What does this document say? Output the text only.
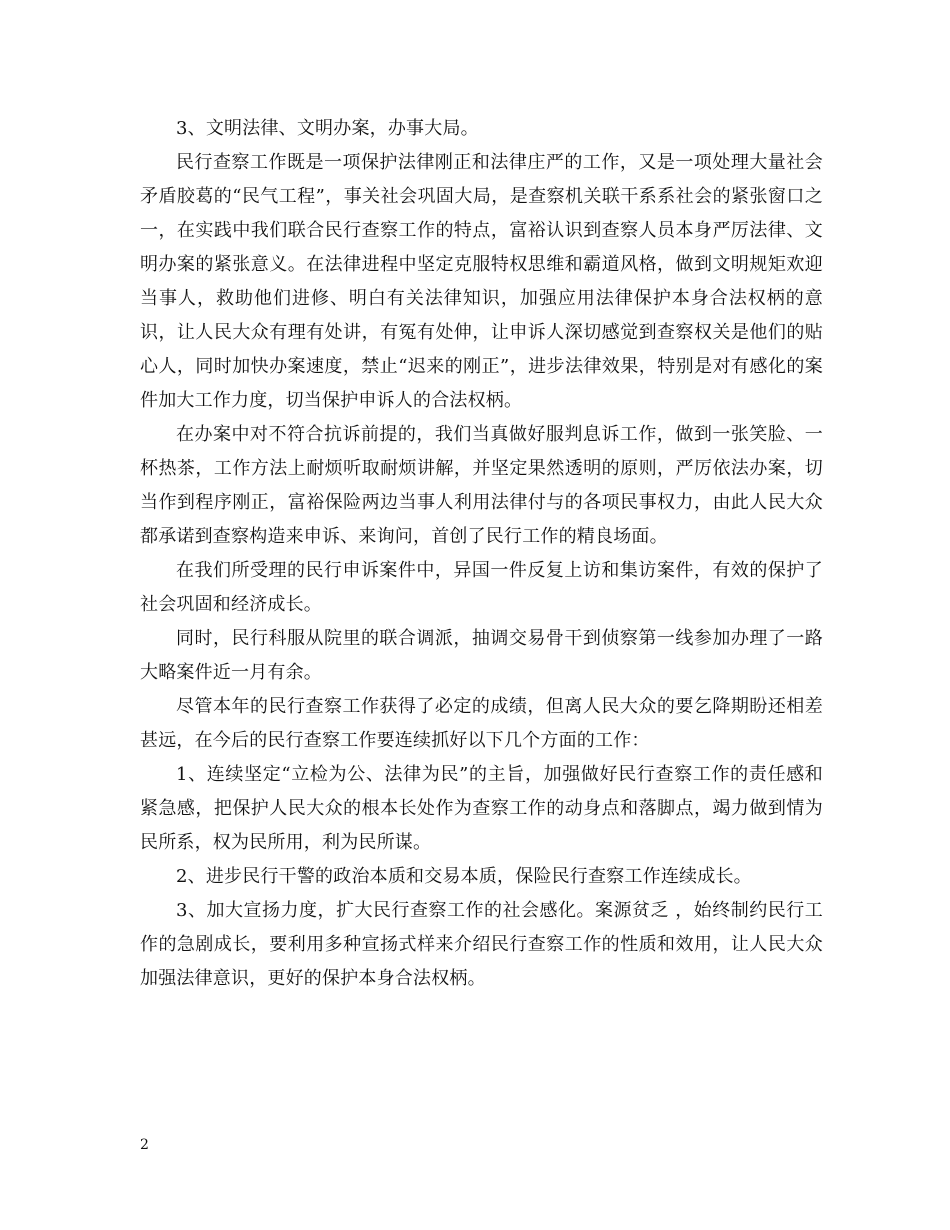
3、文明法律、文明办案，办事大局。

民行查察工作既是一项保护法律刚正和法律庄严的工作，又是一项处理大量社会矛盾胶葛的“民气工程”，事关社会巩固大局，是查察机关联干系系社会的紧张窗口之一，在实践中我们联合民行查察工作的特点，富裕认识到查察人员本身严厉法律、文明办案的紧张意义。在法律进程中坚定克服特权思维和霸道风格，做到文明规矩欢迎当事人，救助他们进修、明白有关法律知识，加强应用法律保护本身合法权柄的意识，让人民大众有理有处讲，有冤有处伸，让申诉人深切感觉到查察权关是他们的贴心人，同时加快办案速度，禁止“迟来的刚正”，进步法律效果，特别是对有感化的案件加大工作力度，切当保护申诉人的合法权柄。

在办案中对不符合抗诉前提的，我们当真做好服判息诉工作，做到一张笑脸、一杯热茶，工作方法上耐烦听取耐烦讲解，并坚定果然透明的原则，严厉依法办案，切当作到程序刚正，富裕保险两边当事人利用法律付与的各项民事权力，由此人民大众都承诺到查察构造来申诉、来询问，首创了民行工作的精良场面。

在我们所受理的民行申诉案件中，异国一件反复上访和集访案件，有效的保护了社会巩固和经济成长。

同时，民行科服从院里的联合调派，抽调交易骨干到侦察第一线参加办理了一路大略案件近一月有余。

尽管本年的民行查察工作获得了必定的成绩，但离人民大众的要乞降期盼还相差甚远，在今后的民行查察工作要连续抓好以下几个方面的工作：

1、连续坚定“立检为公、法律为民”的主旨，加强做好民行查察工作的责任感和紧急感，把保护人民大众的根本长处作为查察工作的动身点和落脚点，竭力做到情为民所系，权为民所用，利为民所谋。

2、进步民行干警的政治本质和交易本质，保险民行查察工作连续成长。

3、加大宣扬力度，扩大民行查察工作的社会感化。案源贫乏 ，始终制约民行工作的急剧成长，要利用多种宣扬式样来介绍民行查察工作的性质和效用，让人民大众加强法律意识，更好的保护本身合法权柄。

2
